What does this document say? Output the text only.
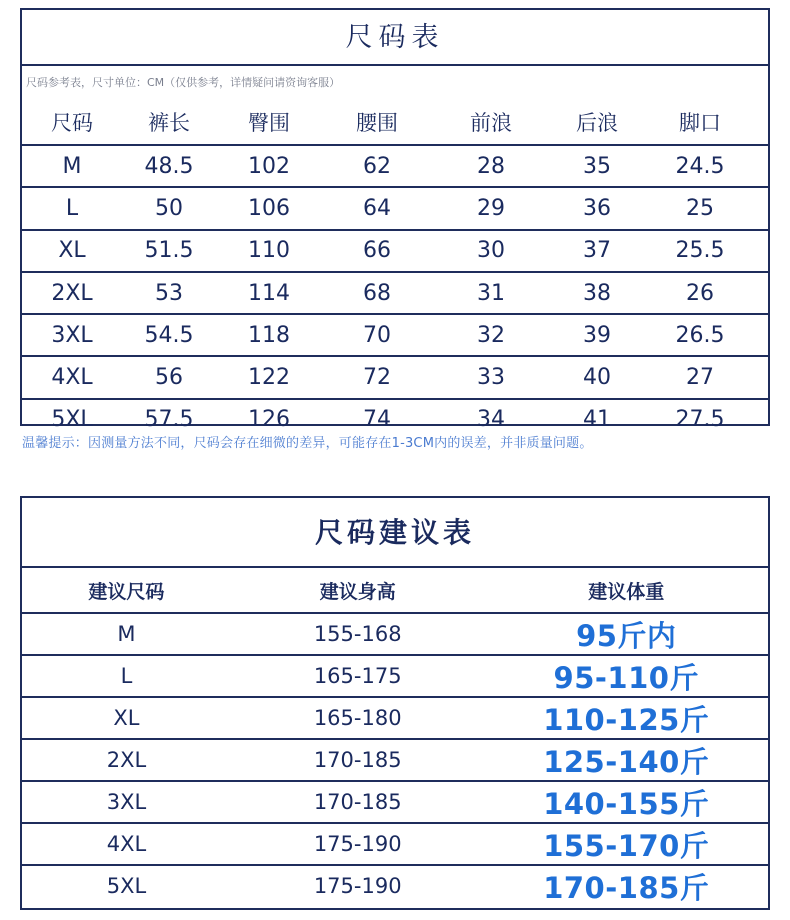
尺码表
尺码参考表，尺寸单位：CM（仅供参考，详情疑问请资询客服）
尺码	裤长	臀围	腰围	前浪	后浪	脚口
M	48.5	102	62	28	35	24.5
L	50	106	64	29	36	25
XL	51.5	110	66	30	37	25.5
2XL	53	114	68	31	38	26
3XL	54.5	118	70	32	39	26.5
4XL	56	122	72	33	40	27
5XL	57.5	126	74	34	41	27.5
温馨提示：因测量方法不同，尺码会存在细微的差异，可能存在1-3CM内的误差，并非质量问题。
尺码建议表
建议尺码	建议身高	建议体重
M	155-168	95斤内
L	165-175	95-110斤
XL	165-180	110-125斤
2XL	170-185	125-140斤
3XL	170-185	140-155斤
4XL	175-190	155-170斤
5XL	175-190	170-185斤
